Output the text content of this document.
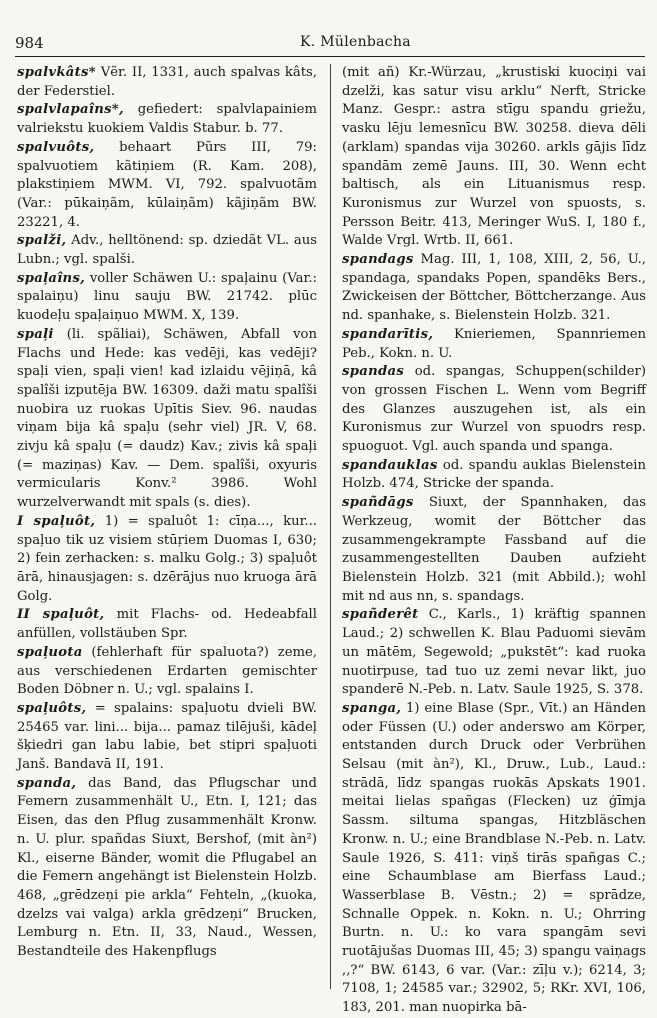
984	K. Mülenbacha
spalvkâts* Vẽr. II, 1331, auch spalvas kâts, der Federstiel.
spalvlapaîns*, gefiedert: spalvlapainiem valriekstu kuokiem Valdis Stabur. b. 77.
spalvuôts, behaart Pũrs III, 79: spalvuotiem kãtiņiem (R. Kam. 208), plakstiņiem MWM. VI, 792. spalvuotãm (Var.: pūkaiņãm, kūlaiņãm) kãjiņãm BW. 23221, 4.
spalži, Adv., helltönend: sp. dziedãt VL. aus Lubn.; vgl. spalši.
spaļaîns, voller Schäwen U.: spaļainu (Var.: spalaiņu) linu sauju BW. 21742. plūc kuodeļu spaļaiņuo MWM. X, 139.
spaļi (li. spãliai), Schäwen, Abfall von Flachs und Hede: kas vedēji, kas vedēji? spaļi vien, spaļi vien! kad izlaidu vējiņā, kâ spalîši izputēja BW. 16309. daži matu spalîši nuobira uz ruokas Upītis Siev. 96. naudas viņam bija kâ spaļu (sehr viel) JR. V, 68. zivju kâ spaļu (= daudz) Kav.; zivis kâ spaļi (= maziņas) Kav. — Dem. spalîši, oxyuris vermicularis Konv.² 3986. Wohl wurzelverwandt mit spals (s. dies).
I spaļuôt, 1) = spaluôt 1: cīņa..., kur... spaļuo tik uz visiem stūŗiem Duomas I, 630; 2) fein zerhacken: s. malku Golg.; 3) spaļuôt ārā, hinausjagen: s. dzērājus nuo kruoga ārā Golg.
II spaļuôt, mit Flachs- od. Hedeabfall anfüllen, vollstäuben Spr.
spaļuota (fehlerhaft für spaluota?) zeme, aus verschiedenen Erdarten gemischter Boden Döbner n. U.; vgl. spalains I.
spaļuôts, = spalains: spaļuotu dvieli BW. 25465 var. lini... bija... pamaz tilējuši, kādeļ šķiedri gan labu labie, bet stipri spaļuoti Janš. Bandavā II, 191.
spanda, das Band, das Pflugschar und Femern zusammenhält U., Etn. I, 121; das Eisen, das den Pflug zusammenhält Kronw. n. U. plur. spañdas Siuxt, Bershof, (mit àn²) Kl., eiserne Bänder, womit die Pflugabel an die Femern angehängt ist Bielenstein Holzb. 468, „grēdzeņi pie arkla“ Fehteln, „(kuoka, dzelzs vai valga) arkla grēdzeņi“ Brucken, Lemburg n. Etn. II, 33, Naud., Wessen, Bestandteile des Hakenpflugs
(mit añ) Kr.-Würzau, „krustiski kuociņi vai dzelži, kas satur visu arklu“ Nerft, Stricke Manz. Gespr.: astra stīgu spandu griežu, vasku lēju lemesnīcu BW. 30258. dieva dēli (arklam) spandas vija 30260. arkls gājis līdz spandām zemē Jauns. III, 30. Wenn echt baltisch, als ein Lituanismus resp. Kuronismus zur Wurzel von spuosts, s. Persson Beitr. 413, Meringer WuS. I, 180 f., Walde Vrgl. Wrtb. II, 661.
spandags Mag. III, 1, 108, XIII, 2, 56, U., spandaga, spandaks Popen, spandēks Bers., Zwickeisen der Böttcher, Böttcherzange. Aus nd. spanhake, s. Bielenstein Holzb. 321.
spandarītis, Knieriemen, Spannriemen Peb., Kokn. n. U.
spandas od. spangas, Schuppen(schilder) von grossen Fischen L. Wenn vom Begriff des Glanzes auszugehen ist, als ein Kuronismus zur Wurzel von spuodrs resp. spuoguot. Vgl. auch spanda und spanga.
spandauklas od. spandu auklas Bielenstein Holzb. 474, Stricke der spanda.
spañdāgs Siuxt, der Spannhaken, das Werkzeug, womit der Böttcher das zusammengekrampte Fassband auf die zusammengestellten Dauben aufzieht Bielenstein Holzb. 321 (mit Abbild.); wohl mit nd aus nn, s. spandags.
spañderêt C., Karls., 1) kräftig spannen Laud.; 2) schwellen K. Blau Paduomi sievām un mātēm, Segewold; „pukstēt“: kad ruoka nuotirpuse, tad tuo uz zemi nevar likt, juo spanderē N.-Peb. n. Latv. Saule 1925, S. 378.
spanga, 1) eine Blase (Spr., Vīt.) an Händen oder Füssen (U.) oder anderswo am Körper, entstanden durch Druck oder Verbrühen Selsau (mit àn²), Kl., Druw., Lub., Laud.: strādā, līdz spangas ruokās Apskats 1901. meitai lielas spañgas (Flecken) uz ģīmja Sassm. siltuma spangas, Hitzbläschen Kronw. n. U.; eine Brandblase N.-Peb. n. Latv. Saule 1926, S. 411: viņš tirās spañgas C.; eine Schaumblase am Bierfass Laud.; Wasserblase B. Vēstn.; 2) = sprādze, Schnalle Oppek. n. Kokn. n. U.; Ohrring Burtn. n. U.: ko vara spangām sevi ruotājušas Duomas III, 45; 3) spangu vaiņags ,,?“ BW. 6143, 6 var. (Var.: zīļu v.); 6214, 3; 7108, 1; 24585 var.; 32902, 5; RKr. XVI, 106, 183, 201. man nuopirka bā-
